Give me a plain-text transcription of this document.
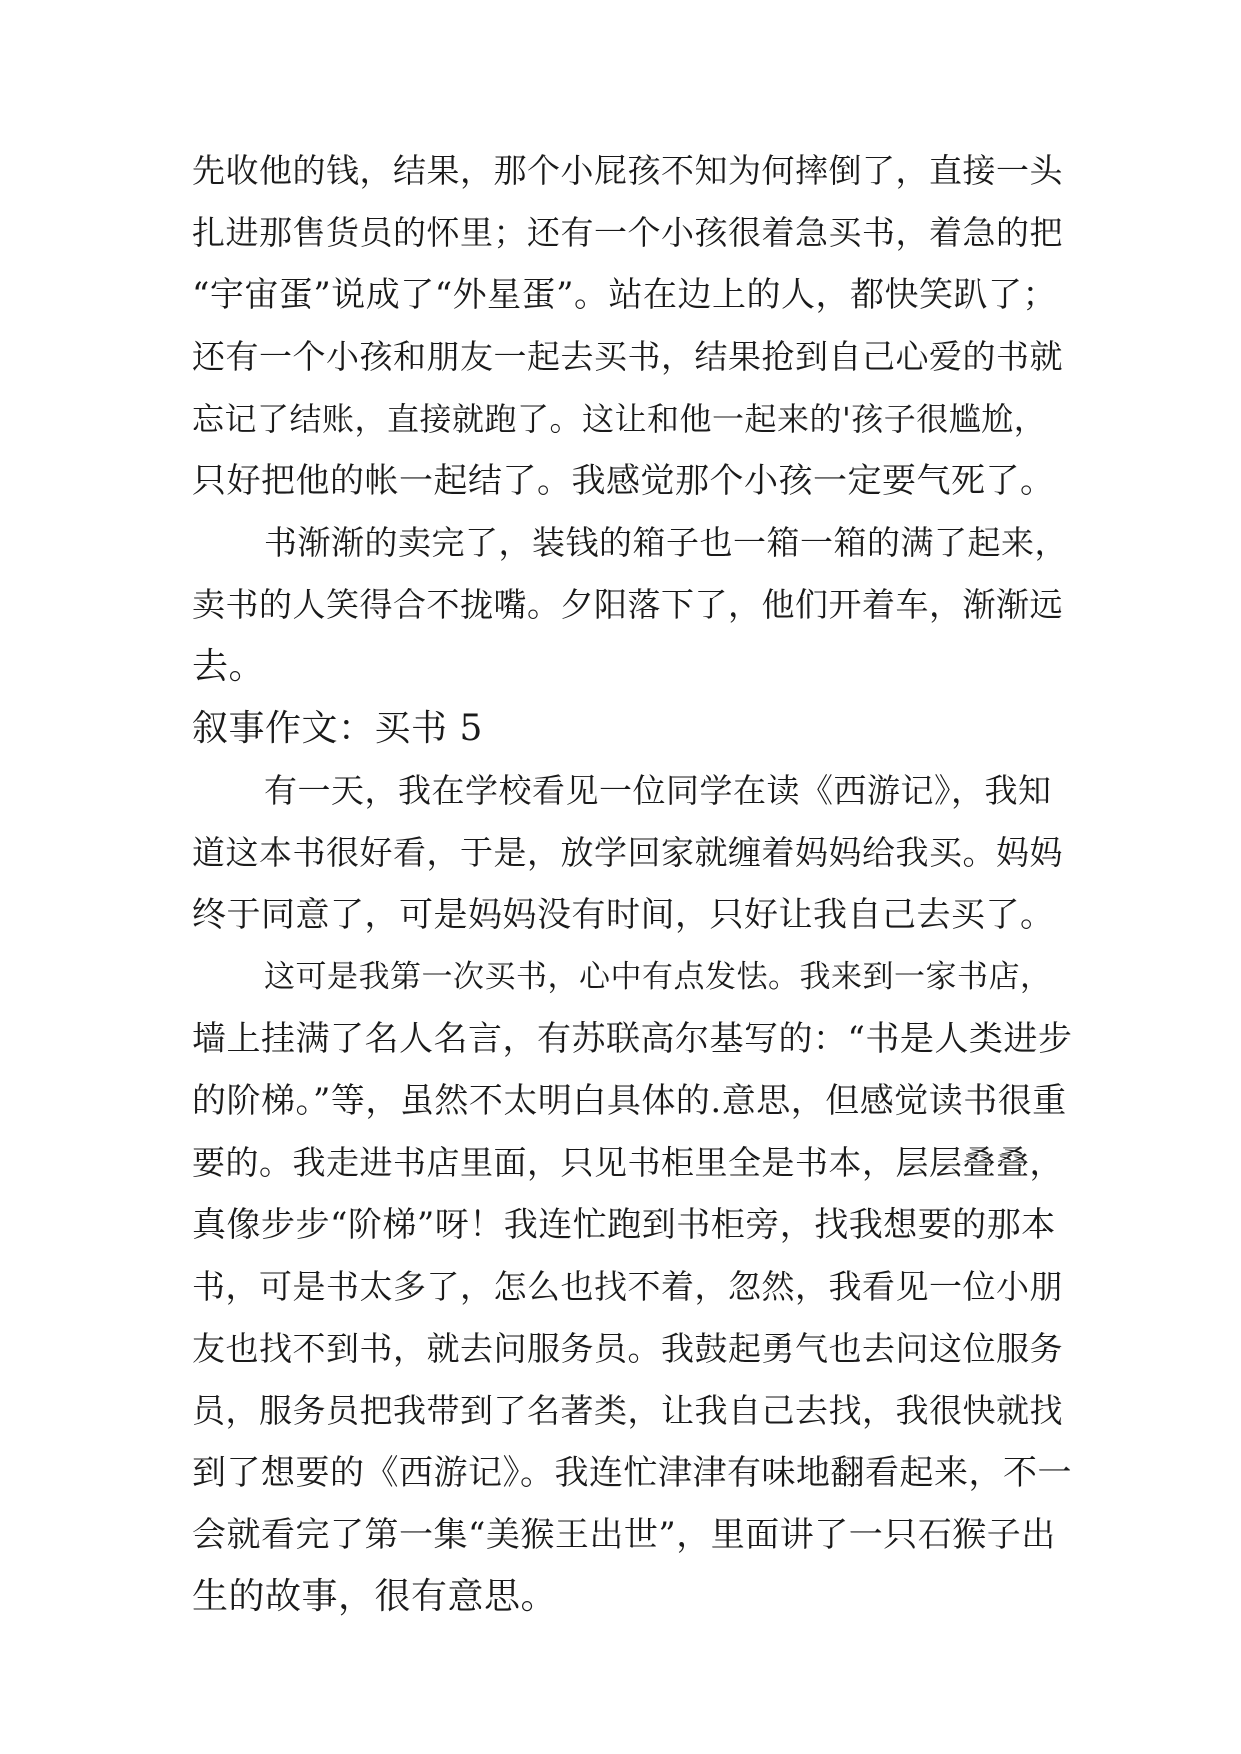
先收他的钱，结果，那个小屁孩不知为何摔倒了，直接一头
扎进那售货员的怀里；还有一个小孩很着急买书，着急的把
“宇宙蛋”说成了“外星蛋”。站在边上的人，都快笑趴了；
还有一个小孩和朋友一起去买书，结果抢到自己心爱的书就
忘记了结账，直接就跑了。这让和他一起来的'孩子很尴尬，
只好把他的帐一起结了。我感觉那个小孩一定要气死了。
书渐渐的卖完了，装钱的箱子也一箱一箱的满了起来，
卖书的人笑得合不拢嘴。夕阳落下了，他们开着车，渐渐远
去。
叙事作文：买书 5
有一天，我在学校看见一位同学在读《西游记》，我知
道这本书很好看，于是，放学回家就缠着妈妈给我买。妈妈
终于同意了，可是妈妈没有时间，只好让我自己去买了。
这可是我第一次买书，心中有点发怯。我来到一家书店，
墙上挂满了名人名言，有苏联高尔基写的：“书是人类进步
的阶梯。”等，虽然不太明白具体的.意思，但感觉读书很重
要的。我走进书店里面，只见书柜里全是书本，层层叠叠，
真像步步“阶梯”呀！我连忙跑到书柜旁，找我想要的那本
书，可是书太多了，怎么也找不着，忽然，我看见一位小朋
友也找不到书，就去问服务员。我鼓起勇气也去问这位服务
员，服务员把我带到了名著类，让我自己去找，我很快就找
到了想要的《西游记》。我连忙津津有味地翻看起来，不一
会就看完了第一集“美猴王出世”，里面讲了一只石猴子出
生的故事，很有意思。
